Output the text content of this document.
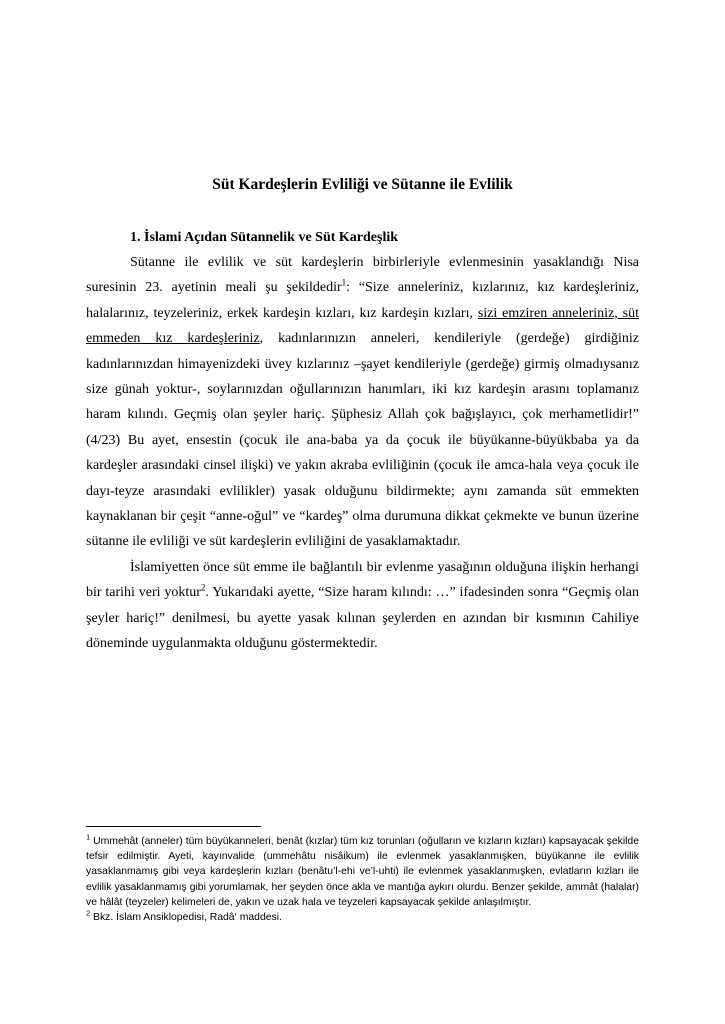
Süt Kardeşlerin Evliliği ve Sütanne ile Evlilik
1. İslami Açıdan Sütannelik ve Süt Kardeşlik

Sütanne ile evlilik ve süt kardeşlerin birbirleriyle evlenmesinin yasaklandığı Nisa suresinin 23. ayetinin meali şu şekildedir$^1$: “Size anneleriniz, kızlarınız, kız kardeşleriniz, halalarınız, teyzeleriniz, erkek kardeşin kızları, kız kardeşin kızları, sizi emziren anneleriniz, süt emmeden kız kardeşleriniz, kadınlarınızın anneleri, kendileriyle (gerdeğe) girdiğiniz kadınlarınızdan himayenizdeki üvey kızlarınız –şayet kendileriyle (gerdeğe) girmiş olmadıysanız size günah yoktur-, soylarınızdan oğullarınızın hanımları, iki kız kardeşin arasını toplamanız haram kılındı. Geçmiş olan şeyler hariç. Şüphesiz Allah çok bağışlayıcı, çok merhametlidir!” (4/23) Bu ayet, ensestin (çocuk ile ana-baba ya da çocuk ile büyükanne-büyükbaba ya da kardeşler arasındaki cinsel ilişki) ve yakın akraba evliliğinin (çocuk ile amca-hala veya çocuk ile dayı-teyze arasındaki evlilikler) yasak olduğunu bildirmekte; aynı zamanda süt emmekten kaynaklanan bir çeşit “anne-oğul” ve “kardeş” olma durumuna dikkat çekmekte ve bunun üzerine sütanne ile evliliği ve süt kardeşlerin evliliğini de yasaklamaktadır.

İslamiyetten önce süt emme ile bağlantılı bir evlenme yasağının olduğuna ilişkin herhangi bir tarihi veri yoktur$^2$. Yukarıdaki ayette, “Size haram kılındı: …” ifadesinden sonra “Geçmiş olan şeyler hariç!” denilmesi, bu ayette yasak kılınan şeylerden en azından bir kısmının Cahiliye döneminde uygulanmakta olduğunu göstermektedir.

$^1$ Ummehât (anneler) tüm büyükanneleri, benât (kızlar) tüm kız torunları (oğulların ve kızların kızları) kapsayacak şekilde tefsir edilmiştir. Ayeti, kayınvalide (ummehâtu nisâikum) ile evlenmek yasaklanmışken, büyükanne ile evlilik yasaklanmamış gibi veya kardeşlerin kızları (benâtu’l-ehi ve’l-uhti) ile evlenmek yasaklanmışken, evlatların kızları ile evlilik yasaklanmamış gibi yorumlamak, her şeyden önce akla ve mantığa aykırı olurdu. Benzer şekilde, ammât (halalar) ve hâlât (teyzeler) kelimeleri de, yakın ve uzak hala ve teyzeleri kapsayacak şekilde anlaşılmıştır.

$^2$ Bkz. İslam Ansiklopedisi, Radâ‘ maddesi.
